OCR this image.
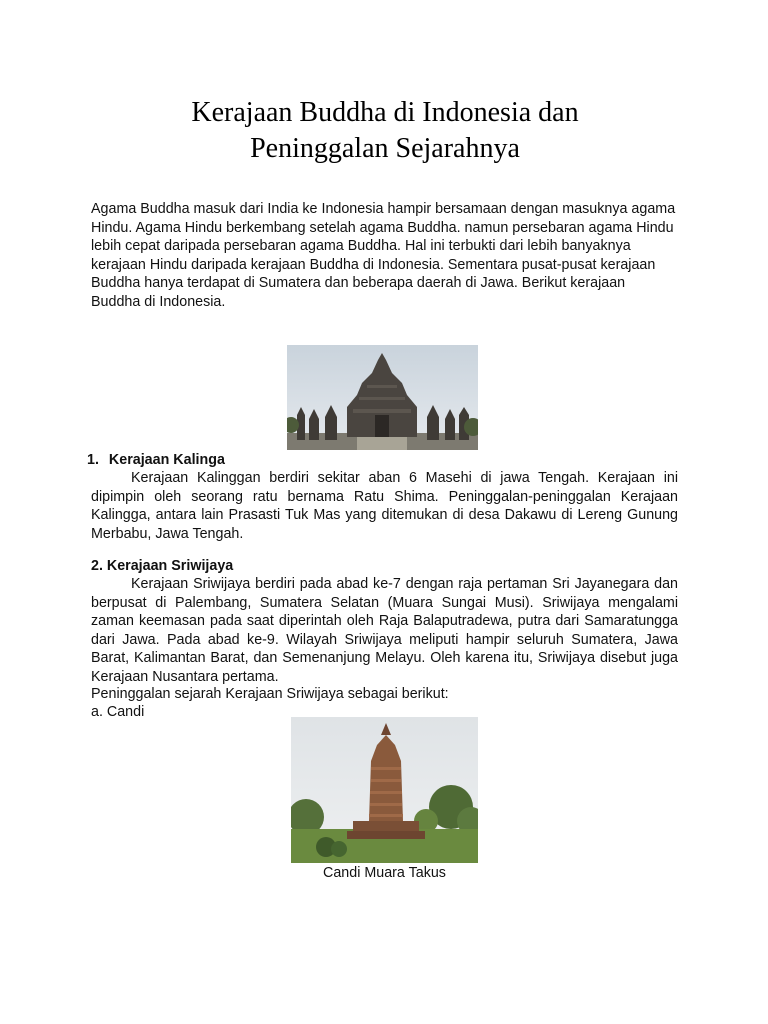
Kerajaan Buddha di Indonesia dan
Peninggalan Sejarahnya

Agama Buddha masuk dari India ke Indonesia hampir bersamaan dengan masuknya agama Hindu. Agama Hindu berkembang setelah agama Buddha. namun persebaran agama Hindu lebih cepat daripada persebaran agama Buddha. Hal ini terbukti dari lebih banyaknya kerajaan Hindu daripada kerajaan Buddha di Indonesia. Sementara pusat-pusat kerajaan Buddha hanya terdapat di Sumatera dan beberapa daerah di Jawa. Berikut kerajaan Buddha di Indonesia.

1. Kerajaan Kalinga

Kerajaan Kalinggan berdiri sekitar aban 6 Masehi di jawa Tengah. Kerajaan ini dipimpin oleh seorang ratu bernama Ratu Shima. Peninggalan-peninggalan Kerajaan Kalingga, antara lain Prasasti Tuk Mas yang ditemukan di desa Dakawu di Lereng Gunung Merbabu, Jawa Tengah.

2. Kerajaan Sriwijaya

Kerajaan Sriwijaya berdiri pada abad ke-7 dengan raja pertaman Sri Jayanegara dan berpusat di Palembang, Sumatera Selatan (Muara Sungai Musi). Sriwijaya mengalami zaman keemasan pada saat diperintah oleh Raja Balaputradewa, putra dari Samaratungga dari Jawa. Pada abad ke-9. Wilayah Sriwijaya meliputi hampir seluruh Sumatera, Jawa Barat, Kalimantan Barat, dan Semenanjung Melayu. Oleh karena itu, Sriwijaya disebut juga Kerajaan Nusantara pertama.

Peninggalan sejarah Kerajaan Sriwijaya sebagai berikut:

a. Candi

Candi Muara Takus
